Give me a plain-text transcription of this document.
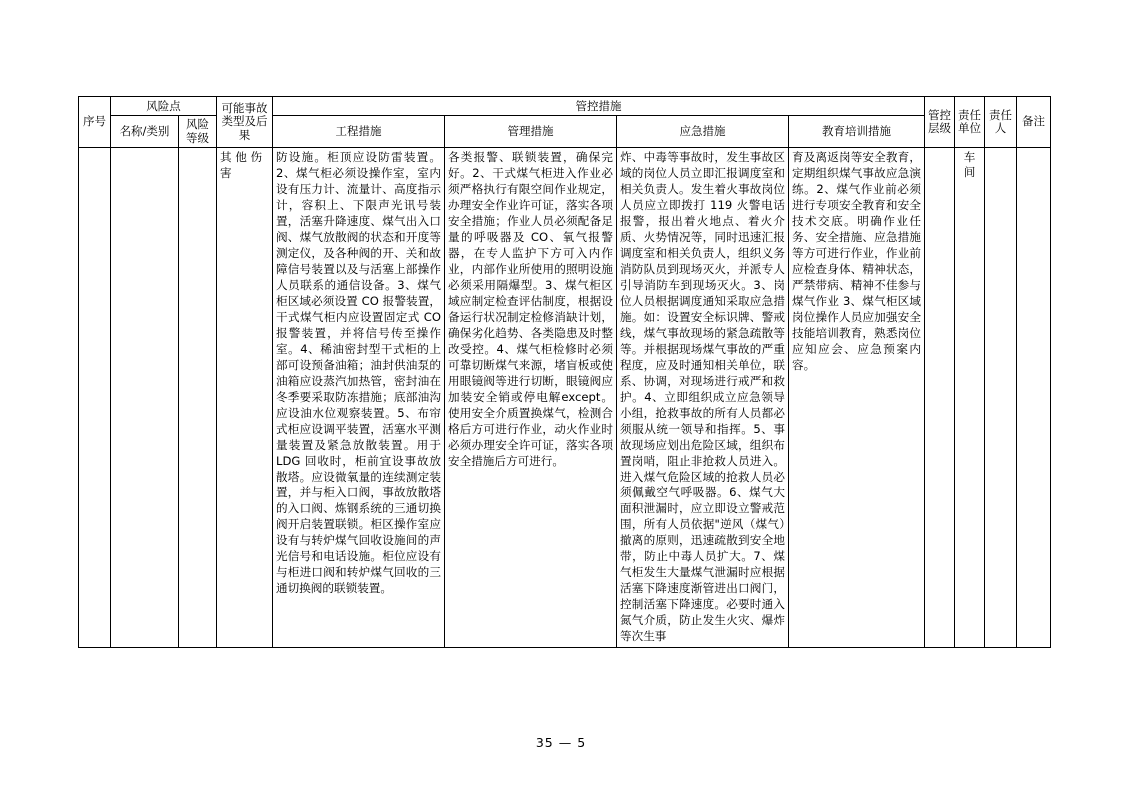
序号	风险点		可能事故类型及后果	管控措施				管控层级	责任单位	责任人	备注
	名称/类别	风险等级		工程措施	管理措施	应急措施	教育培训措施				
			其 他 伤害	防设施。柜顶应设防雷装置。2、煤气柜必须设操作室，室内设有压力计、流量计、高度指示计，容积上、下限声光讯号装置，活塞升降速度、煤气出入口阀、煤气放散阀的状态和开度等测定仪，及各种阀的开、关和故障信号装置以及与活塞上部操作人员联系的通信设备。3、煤气柜区域必须设置 CO 报警装置，干式煤气柜内应设置固定式 CO 报警装置，并将信号传至操作室。4、稀油密封型干式柜的上部可设预备油箱；油封供油泵的油箱应设蒸汽加热管，密封油在冬季要采取防冻措施；底部油沟应设油水位观察装置。5、布帘式柜应设调平装置，活塞水平测量装置及紧急放散装置。用于 LDG 回收时，柜前宜设事故放散塔。应设微氧量的连续测定装置，并与柜入口阀，事故放散塔的入口阀、炼钢系统的三通切换阀开启装置联锁。柜区操作室应设有与转炉煤气回收设施间的声光信号和电话设施。柜位应设有与柜进口阀和转炉煤气回收的三通切换阀的联锁装置。	各类报警、联锁装置，确保完好。2、干式煤气柜进入作业必须严格执行有限空间作业规定，办理安全作业许可证，落实各项安全措施；作业人员必须配备足量的呼吸器及 CO、氧气报警器，在专人监护下方可入内作业，内部作业所使用的照明设施必须采用隔爆型。3、煤气柜区域应制定检查评估制度，根据设备运行状况制定检修消缺计划，确保劣化趋势、各类隐患及时整改受控。4、煤气柜检修时必须可靠切断煤气来源，堵盲板或使用眼镜阀等进行切断，眼镜阀应加装安全销或停电解except。使用安全介质置换煤气，检测合格后方可进行作业，动火作业时必须办理安全许可证，落实各项安全措施后方可进行。	炸、中毒等事故时，发生事故区域的岗位人员立即汇报调度室和相关负责人。发生着火事故岗位人员应立即拨打 119 火警电话报警，报出着火地点、着火介质、火势情况等，同时迅速汇报调度室和相关负责人，组织义务消防队员到现场灭火，并派专人引导消防车到现场灭火。3、岗位人员根据调度通知采取应急措施。如：设置安全标识牌、警戒线，煤气事故现场的紧急疏散等等。并根据现场煤气事故的严重程度，应及时通知相关单位，联系、协调，对现场进行戒严和救护。4、立即组织成立应急领导小组，抢救事故的所有人员都必须服从统一领导和指挥。5、事故现场应划出危险区域，组织布置岗哨，阻止非抢救人员进入。进入煤气危险区域的抢救人员必须佩戴空气呼吸器。6、煤气大面积泄漏时，应立即设立警戒范围，所有人员依据"逆风（煤气）撤离的原则，迅速疏散到安全地带，防止中毒人员扩大。7、煤气柜发生大量煤气泄漏时应根据活塞下降速度渐管进出口阀门，控制活塞下降速度。必要时通入氮气介质，防止发生火灾、爆炸等次生事	育及离返岗等安全教育，定期组织煤气事故应急演练。2、煤气作业前必须进行专项安全教育和安全技术交底。明确作业任务、安全措施、应急措施等方可进行作业，作业前应检查身体、精神状态，严禁带病、精神不佳参与煤气作业 3、煤气柜区域岗位操作人员应加强安全技能培训教育，熟悉岗位应知应会、应急预案内容。		车间		
35 — 5
